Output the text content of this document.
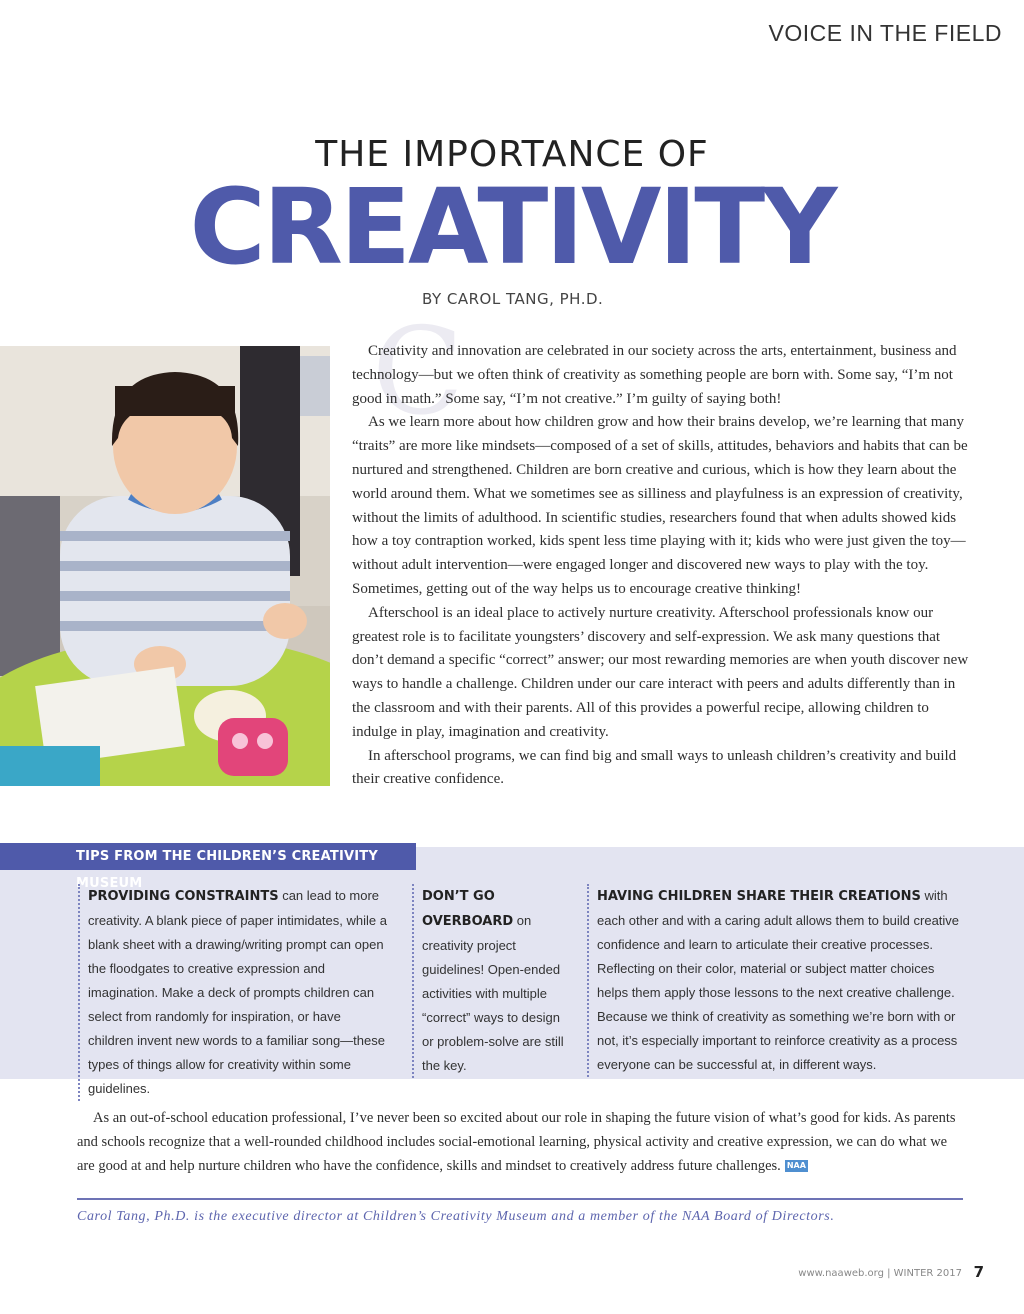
VOICE IN THE FIELD
THE IMPORTANCE OF
CREATIVITY
BY CAROL TANG, PH.D.
C

Creativity and innovation are celebrated in our society across the arts, entertainment, business and technology—but we often think of creativity as something people are born with. Some say, “I’m not good in math.” Some say, “I’m not creative.” I’m guilty of saying both!

As we learn more about how children grow and how their brains develop, we’re learning that many “traits” are more like mindsets—composed of a set of skills, attitudes, behaviors and habits that can be nurtured and strengthened. Children are born creative and curious, which is how they learn about the world around them. What we sometimes see as silliness and playfulness is an expression of creativity, without the limits of adulthood. In scientific studies, researchers found that when adults showed kids how a toy contraption worked, kids spent less time playing with it; kids who were just given the toy—without adult intervention—were engaged longer and discovered new ways to play with the toy. Sometimes, getting out of the way helps us to encourage creative thinking!

Afterschool is an ideal place to actively nurture creativity. Afterschool professionals know our greatest role is to facilitate youngsters’ discovery and self-expression. We ask many questions that don’t demand a specific “correct” answer; our most rewarding memories are when youth discover new ways to handle a challenge. Children under our care interact with peers and adults differently than in the classroom and with their parents. All of this provides a powerful recipe, allowing children to indulge in play, imagination and creativity.

In afterschool programs, we can find big and small ways to unleash children’s creativity and build their creative confidence.

TIPS FROM THE CHILDREN’S CREATIVITY MUSEUM
PROVIDING CONSTRAINTS can lead to more creativity. A blank piece of paper intimidates, while a blank sheet with a drawing/writing prompt can open the floodgates to creative expression and imagination. Make a deck of prompts children can select from randomly for inspiration, or have children invent new words to a familiar song—these types of things allow for creativity within some guidelines.
DON’T GO OVERBOARD on creativity project guidelines! Open-ended activities with multiple “correct” ways to design or problem-solve are still the key.
HAVING CHILDREN SHARE THEIR CREATIONS with each other and with a caring adult allows them to build creative confidence and learn to articulate their creative processes. Reflecting on their color, material or subject matter choices helps them apply those lessons to the next creative challenge. Because we think of creativity as something we’re born with or not, it’s especially important to reinforce creativity as a process everyone can be successful at, in different ways.
As an out-of-school education professional, I’ve never been so excited about our role in shaping the future vision of what’s good for kids. As parents and schools recognize that a well-rounded childhood includes social-emotional learning, physical activity and creative expression, we can do what we are good at and help nurture children who have the confidence, skills and mindset to creatively address future challenges. NAA
Carol Tang, Ph.D. is the executive director at Children’s Creativity Museum and a member of the NAA Board of Directors.
www.naaweb.org | WINTER 2017 7
